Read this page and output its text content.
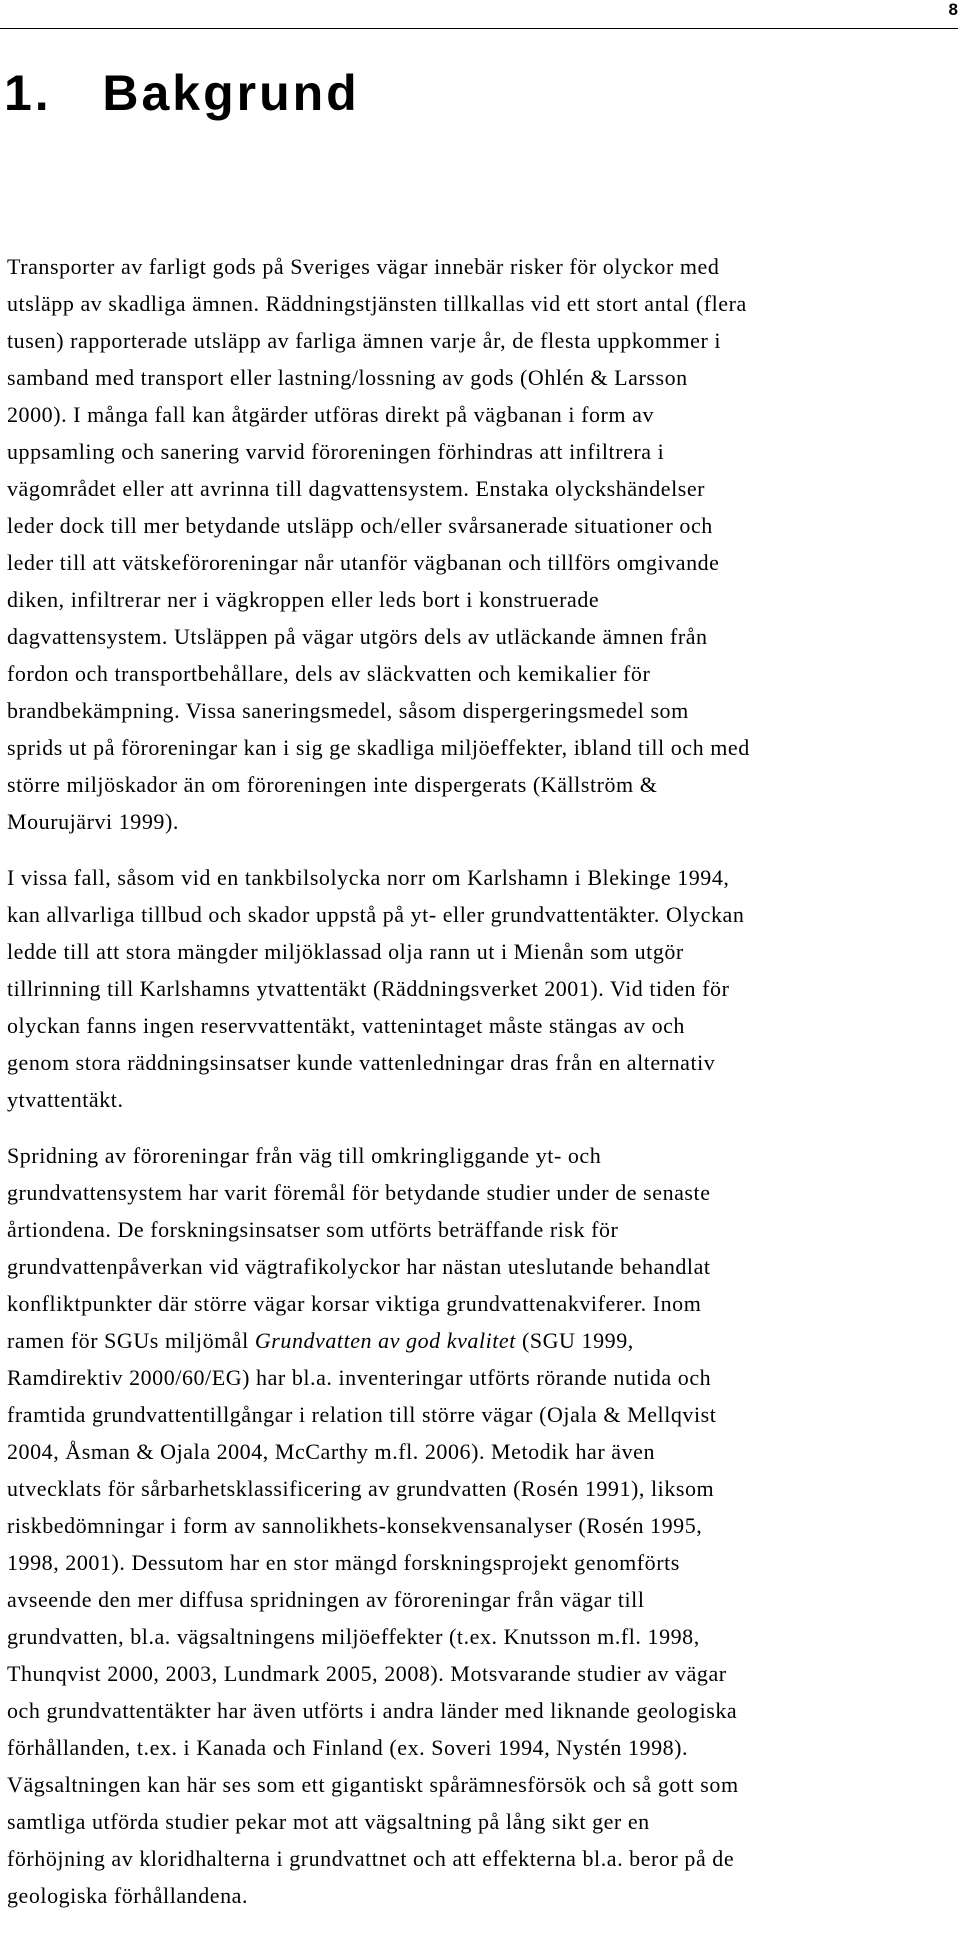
8
1.   Bakgrund

Transporter av farligt gods på Sveriges vägar innebär risker för olyckor med
utsläpp av skadliga ämnen. Räddningstjänsten tillkallas vid ett stort antal (flera
tusen) rapporterade utsläpp av farliga ämnen varje år, de flesta uppkommer i
samband med transport eller lastning/lossning av gods (Ohlén & Larsson
2000). I många fall kan åtgärder utföras direkt på vägbanan i form av
uppsamling och sanering varvid föroreningen förhindras att infiltrera i
vägområdet eller att avrinna till dagvattensystem. Enstaka olyckshändelser
leder dock till mer betydande utsläpp och/eller svårsanerade situationer och
leder till att vätskeföroreningar når utanför vägbanan och tillförs omgivande
diken, infiltrerar ner i vägkroppen eller leds bort i konstruerade
dagvattensystem. Utsläppen på vägar utgörs dels av utläckande ämnen från
fordon och transportbehållare, dels av släckvatten och kemikalier för
brandbekämpning. Vissa saneringsmedel, såsom dispergeringsmedel som
sprids ut på föroreningar kan i sig ge skadliga miljöeffekter, ibland till och med
större miljöskador än om föroreningen inte dispergerats (Källström &
Mourujärvi 1999).

I vissa fall, såsom vid en tankbilsolycka norr om Karlshamn i Blekinge 1994,
kan allvarliga tillbud och skador uppstå på yt- eller grundvattentäkter. Olyckan
ledde till att stora mängder miljöklassad olja rann ut i Mienån som utgör
tillrinning till Karlshamns ytvattentäkt (Räddningsverket 2001). Vid tiden för
olyckan fanns ingen reservvattentäkt, vattenintaget måste stängas av och
genom stora räddningsinsatser kunde vattenledningar dras från en alternativ
ytvattentäkt.

Spridning av föroreningar från väg till omkringliggande yt- och
grundvattensystem har varit föremål för betydande studier under de senaste
årtiondena. De forskningsinsatser som utförts beträffande risk för
grundvattenpåverkan vid vägtrafikolyckor har nästan uteslutande behandlat
konfliktpunkter där större vägar korsar viktiga grundvattenakviferer. Inom
ramen för SGUs miljömål Grundvatten av god kvalitet (SGU 1999,
Ramdirektiv 2000/60/EG) har bl.a. inventeringar utförts rörande nutida och
framtida grundvattentillgångar i relation till större vägar (Ojala & Mellqvist
2004, Åsman & Ojala 2004, McCarthy m.fl. 2006). Metodik har även
utvecklats för sårbarhetsklassificering av grundvatten (Rosén 1991), liksom
riskbedömningar i form av sannolikhets-konsekvensanalyser (Rosén 1995,
1998, 2001). Dessutom har en stor mängd forskningsprojekt genomförts
avseende den mer diffusa spridningen av föroreningar från vägar till
grundvatten, bl.a. vägsaltningens miljöeffekter (t.ex. Knutsson m.fl. 1998,
Thunqvist 2000, 2003, Lundmark 2005, 2008). Motsvarande studier av vägar
och grundvattentäkter har även utförts i andra länder med liknande geologiska
förhållanden, t.ex. i Kanada och Finland (ex. Soveri 1994, Nystén 1998).
Vägsaltningen kan här ses som ett gigantiskt spårämnesförsök och så gott som
samtliga utförda studier pekar mot att vägsaltning på lång sikt ger en
förhöjning av kloridhalterna i grundvattnet och att effekterna bl.a. beror på de
geologiska förhållandena.
